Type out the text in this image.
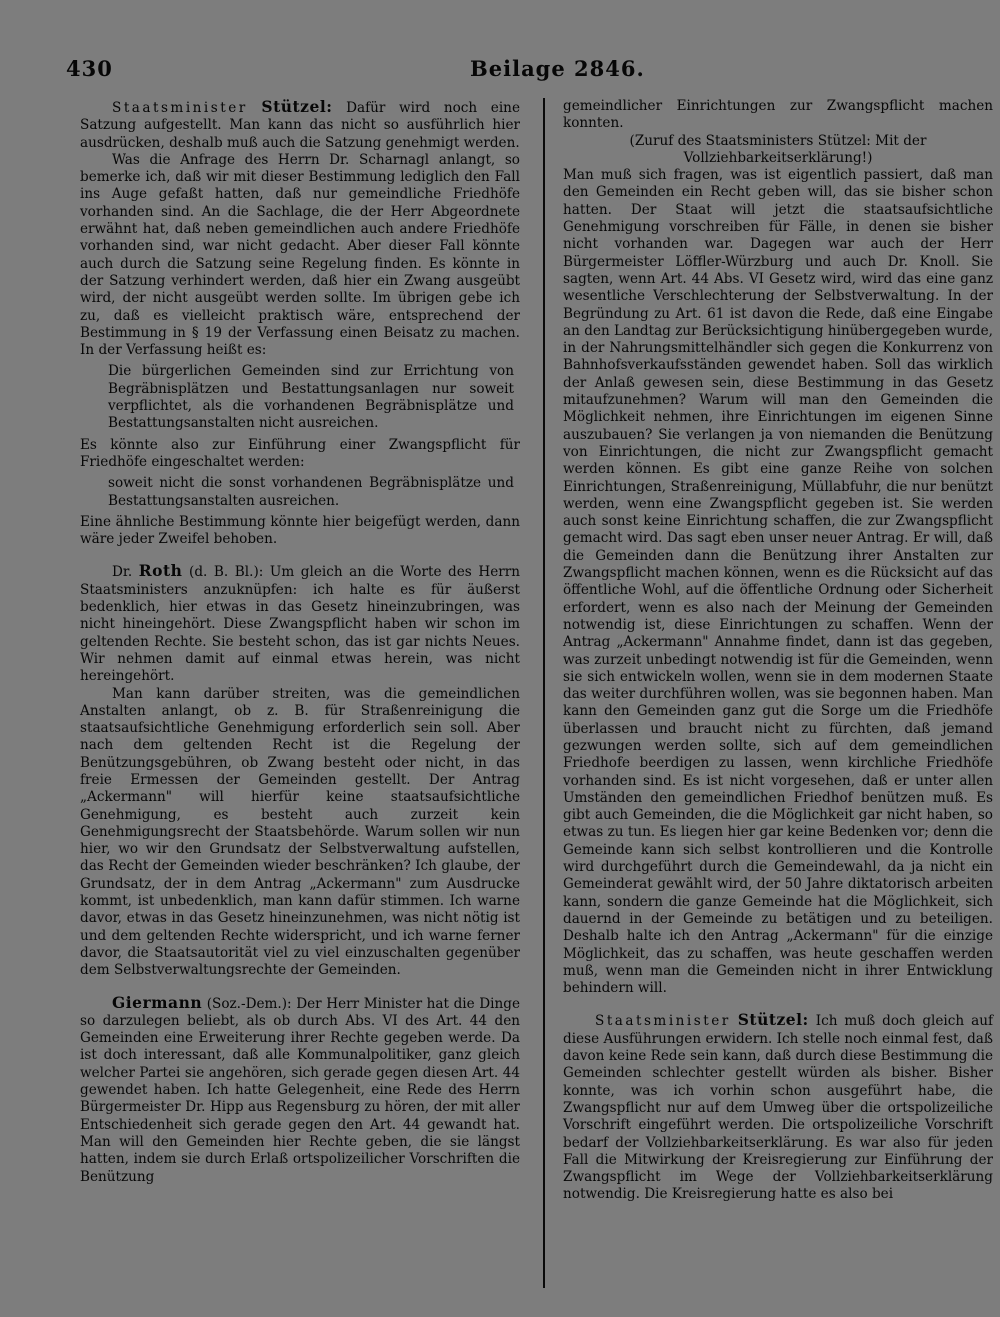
430	Beilage 2846.

Staatsminister Stützel: Dafür wird noch eine Satzung aufgestellt. Man kann das nicht so ausführlich hier ausdrücken, deshalb muß auch die Satzung genehmigt werden.

Was die Anfrage des Herrn Dr. Scharnagl anlangt, so bemerke ich, daß wir mit dieser Bestimmung lediglich den Fall ins Auge gefaßt hatten, daß nur gemeindliche Friedhöfe vorhanden sind. An die Sachlage, die der Herr Abgeordnete erwähnt hat, daß neben gemeindlichen auch andere Friedhöfe vorhanden sind, war nicht gedacht. Aber dieser Fall könnte auch durch die Satzung seine Regelung finden. Es könnte in der Satzung verhindert werden, daß hier ein Zwang ausgeübt wird, der nicht ausgeübt werden sollte. Im übrigen gebe ich zu, daß es vielleicht praktisch wäre, entsprechend der Bestimmung in § 19 der Verfassung einen Beisatz zu machen. In der Verfassung heißt es:

Die bürgerlichen Gemeinden sind zur Errichtung von Begräbnisplätzen und Bestattungsanlagen nur soweit verpflichtet, als die vorhandenen Begräbnisplätze und Bestattungsanstalten nicht ausreichen.

Es könnte also zur Einführung einer Zwangspflicht für Friedhöfe eingeschaltet werden:

soweit nicht die sonst vorhandenen Begräbnisplätze und Bestattungsanstalten ausreichen.

Eine ähnliche Bestimmung könnte hier beigefügt werden, dann wäre jeder Zweifel behoben.

Dr. Roth (d. B. Bl.): Um gleich an die Worte des Herrn Staatsministers anzuknüpfen: ich halte es für äußerst bedenklich, hier etwas in das Gesetz hineinzubringen, was nicht hineingehört. Diese Zwangspflicht haben wir schon im geltenden Rechte. Sie besteht schon, das ist gar nichts Neues. Wir nehmen damit auf einmal etwas herein, was nicht hereingehört.

Man kann darüber streiten, was die gemeindlichen Anstalten anlangt, ob z. B. für Straßenreinigung die staatsaufsichtliche Genehmigung erforderlich sein soll. Aber nach dem geltenden Recht ist die Regelung der Benützungsgebühren, ob Zwang besteht oder nicht, in das freie Ermessen der Gemeinden gestellt. Der Antrag „Ackermann" will hierfür keine staatsaufsichtliche Genehmigung, es besteht auch zurzeit kein Genehmigungsrecht der Staatsbehörde. Warum sollen wir nun hier, wo wir den Grundsatz der Selbstverwaltung aufstellen, das Recht der Gemeinden wieder beschränken? Ich glaube, der Grundsatz, der in dem Antrag „Ackermann" zum Ausdrucke kommt, ist unbedenklich, man kann dafür stimmen. Ich warne davor, etwas in das Gesetz hineinzunehmen, was nicht nötig ist und dem geltenden Rechte widerspricht, und ich warne ferner davor, die Staatsautorität viel zu viel einzuschalten gegenüber dem Selbstverwaltungsrechte der Gemeinden.

Giermann (Soz.-Dem.): Der Herr Minister hat die Dinge so darzulegen beliebt, als ob durch Abs. VI des Art. 44 den Gemeinden eine Erweiterung ihrer Rechte gegeben werde. Da ist doch interessant, daß alle Kommunalpolitiker, ganz gleich welcher Partei sie angehören, sich gerade gegen diesen Art. 44 gewendet haben. Ich hatte Gelegenheit, eine Rede des Herrn Bürgermeister Dr. Hipp aus Regensburg zu hören, der mit aller Entschiedenheit sich gerade gegen den Art. 44 gewandt hat. Man will den Gemeinden hier Rechte geben, die sie längst hatten, indem sie durch Erlaß ortspolizeilicher Vorschriften die Benützung

gemeindlicher Einrichtungen zur Zwangspflicht machen konnten.

(Zuruf des Staatsministers Stützel: Mit der Vollziehbarkeitserklärung!)

Man muß sich fragen, was ist eigentlich passiert, daß man den Gemeinden ein Recht geben will, das sie bisher schon hatten. Der Staat will jetzt die staatsaufsichtliche Genehmigung vorschreiben für Fälle, in denen sie bisher nicht vorhanden war. Dagegen war auch der Herr Bürgermeister Löffler-Würzburg und auch Dr. Knoll. Sie sagten, wenn Art. 44 Abs. VI Gesetz wird, wird das eine ganz wesentliche Verschlechterung der Selbstverwaltung. In der Begründung zu Art. 61 ist davon die Rede, daß eine Eingabe an den Landtag zur Berücksichtigung hinübergegeben wurde, in der Nahrungsmittelhändler sich gegen die Konkurrenz von Bahnhofsverkaufsständen gewendet haben. Soll das wirklich der Anlaß gewesen sein, diese Bestimmung in das Gesetz mitaufzunehmen? Warum will man den Gemeinden die Möglichkeit nehmen, ihre Einrichtungen im eigenen Sinne auszubauen? Sie verlangen ja von niemanden die Benützung von Einrichtungen, die nicht zur Zwangspflicht gemacht werden können. Es gibt eine ganze Reihe von solchen Einrichtungen, Straßenreinigung, Müllabfuhr, die nur benützt werden, wenn eine Zwangspflicht gegeben ist. Sie werden auch sonst keine Einrichtung schaffen, die zur Zwangspflicht gemacht wird. Das sagt eben unser neuer Antrag. Er will, daß die Gemeinden dann die Benützung ihrer Anstalten zur Zwangspflicht machen können, wenn es die Rücksicht auf das öffentliche Wohl, auf die öffentliche Ordnung oder Sicherheit erfordert, wenn es also nach der Meinung der Gemeinden notwendig ist, diese Einrichtungen zu schaffen. Wenn der Antrag „Ackermann" Annahme findet, dann ist das gegeben, was zurzeit unbedingt notwendig ist für die Gemeinden, wenn sie sich entwickeln wollen, wenn sie in dem modernen Staate das weiter durchführen wollen, was sie begonnen haben. Man kann den Gemeinden ganz gut die Sorge um die Friedhöfe überlassen und braucht nicht zu fürchten, daß jemand gezwungen werden sollte, sich auf dem gemeindlichen Friedhofe beerdigen zu lassen, wenn kirchliche Friedhöfe vorhanden sind. Es ist nicht vorgesehen, daß er unter allen Umständen den gemeindlichen Friedhof benützen muß. Es gibt auch Gemeinden, die die Möglichkeit gar nicht haben, so etwas zu tun. Es liegen hier gar keine Bedenken vor; denn die Gemeinde kann sich selbst kontrollieren und die Kontrolle wird durchgeführt durch die Gemeindewahl, da ja nicht ein Gemeinderat gewählt wird, der 50 Jahre diktatorisch arbeiten kann, sondern die ganze Gemeinde hat die Möglichkeit, sich dauernd in der Gemeinde zu betätigen und zu beteiligen. Deshalb halte ich den Antrag „Ackermann" für die einzige Möglichkeit, das zu schaffen, was heute geschaffen werden muß, wenn man die Gemeinden nicht in ihrer Entwicklung behindern will.

Staatsminister Stützel: Ich muß doch gleich auf diese Ausführungen erwidern. Ich stelle noch einmal fest, daß davon keine Rede sein kann, daß durch diese Bestimmung die Gemeinden schlechter gestellt würden als bisher. Bisher konnte, was ich vorhin schon ausgeführt habe, die Zwangspflicht nur auf dem Umweg über die ortspolizeiliche Vorschrift eingeführt werden. Die ortspolizeiliche Vorschrift bedarf der Vollziehbarkeitserklärung. Es war also für jeden Fall die Mitwirkung der Kreisregierung zur Einführung der Zwangspflicht im Wege der Vollziehbarkeitserklärung notwendig. Die Kreisregierung hatte es also bei
